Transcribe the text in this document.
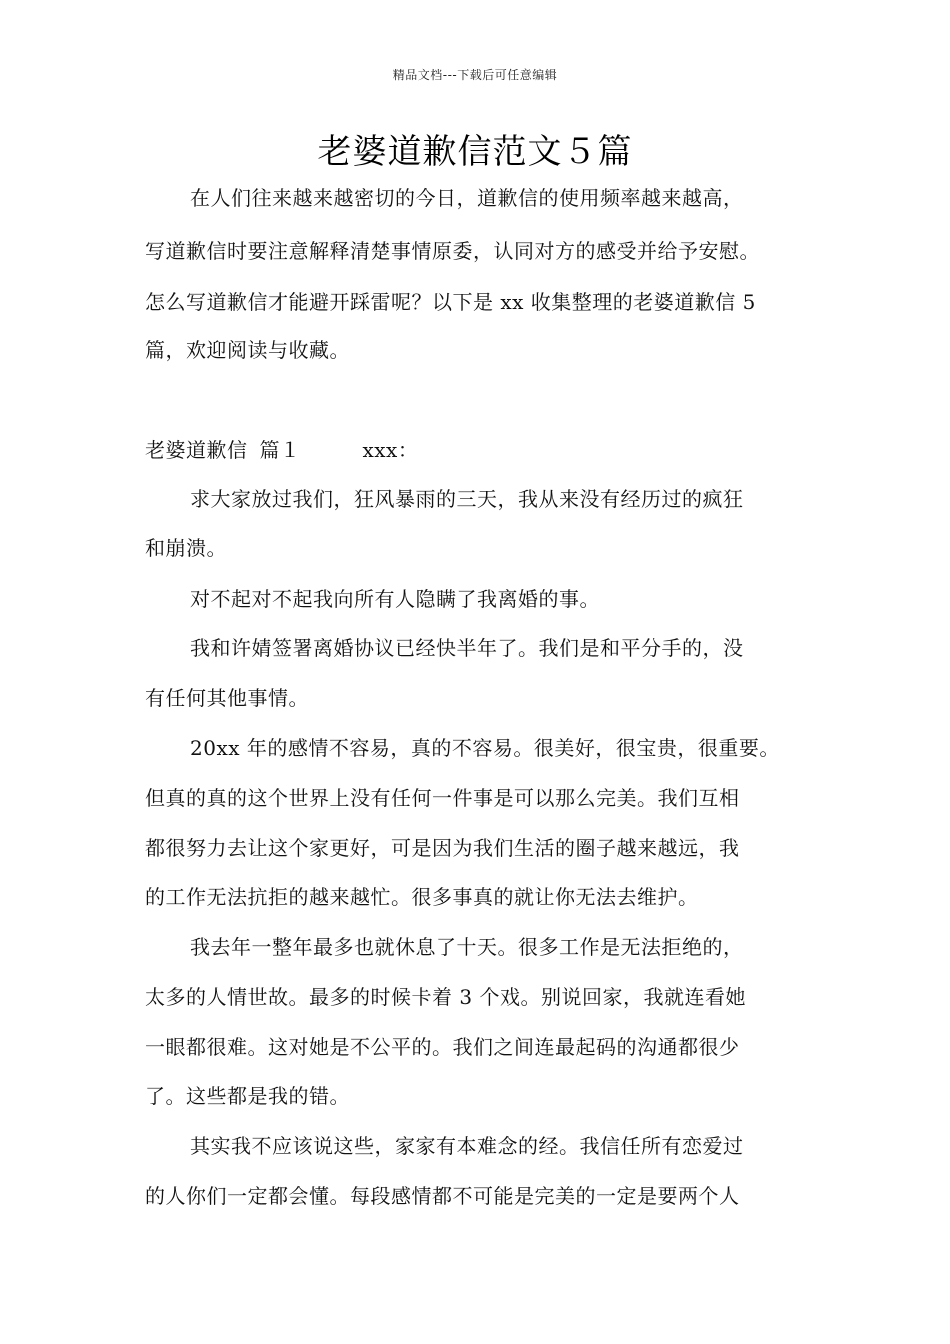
精品文档---下载后可任意编辑
老婆道歉信范文５篇
在人们往来越来越密切的今日，道歉信的使用频率越来越高，
写道歉信时要注意解释清楚事情原委，认同对方的感受并给予安慰。
怎么写道歉信才能避开踩雷呢？以下是 xx 收集整理的老婆道歉信 5
篇，欢迎阅读与收藏。
老婆道歉信 篇１	xxx：
求大家放过我们，狂风暴雨的三天，我从来没有经历过的疯狂
和崩溃。
对不起对不起我向所有人隐瞒了我离婚的事。
我和许婧签署离婚协议已经快半年了。我们是和平分手的，没
有任何其他事情。
20xx 年的感情不容易，真的不容易。很美好，很宝贵，很重要。
但真的真的这个世界上没有任何一件事是可以那么完美。我们互相
都很努力去让这个家更好，可是因为我们生活的圈子越来越远，我
的工作无法抗拒的越来越忙。很多事真的就让你无法去维护。
我去年一整年最多也就休息了十天。很多工作是无法拒绝的，
太多的人情世故。最多的时候卡着 3 个戏。别说回家，我就连看她
一眼都很难。这对她是不公平的。我们之间连最起码的沟通都很少
了。这些都是我的错。
其实我不应该说这些，家家有本难念的经。我信任所有恋爱过
的人你们一定都会懂。每段感情都不可能是完美的一定是要两个人
